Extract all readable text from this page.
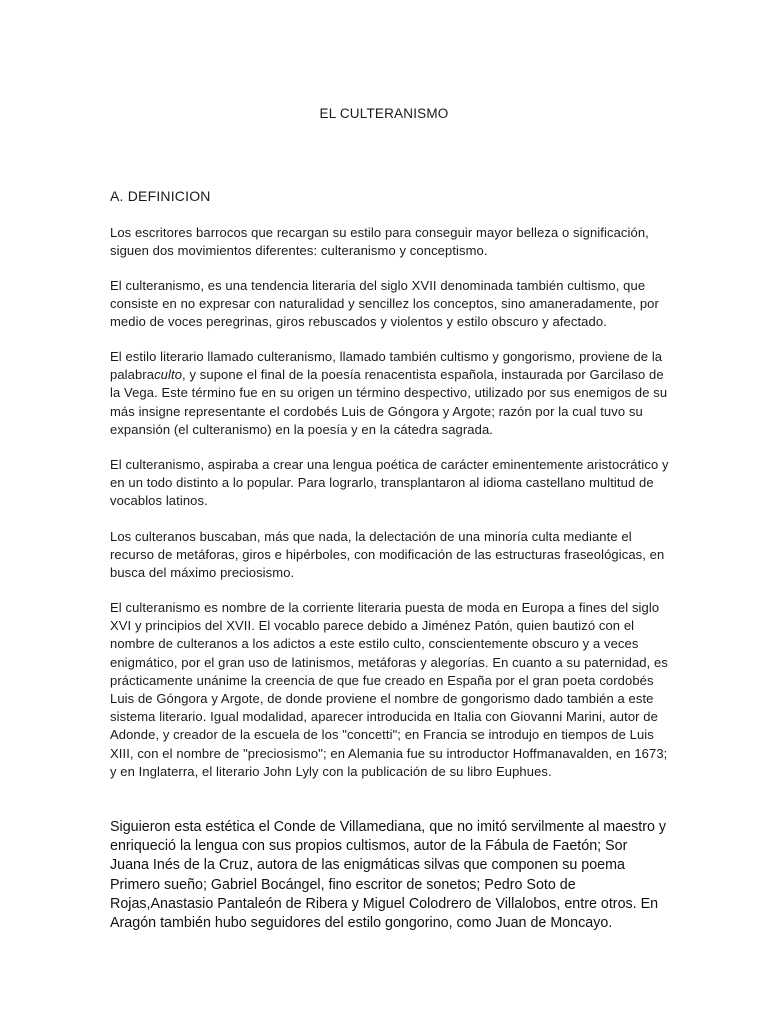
EL CULTERANISMO
A. DEFINICION
Los escritores barrocos que recargan su estilo para conseguir mayor belleza o significación, siguen dos movimientos diferentes: culteranismo y conceptismo.
El culteranismo, es una tendencia literaria del siglo XVII denominada también cultismo, que consiste en no expresar con naturalidad y sencillez los conceptos, sino amaneradamente, por medio de voces peregrinas, giros rebuscados y violentos y estilo obscuro y afectado.
El estilo literario llamado culteranismo, llamado también cultismo y gongorismo, proviene de la palabraculto, y supone el final de la poesía renacentista española, instaurada por Garcilaso de la Vega. Este término fue en su origen un término despectivo, utilizado por sus enemigos de su más insigne representante el cordobés Luis de Góngora y Argote; razón por la cual tuvo su expansión (el culteranismo) en la poesía y en la cátedra sagrada.
El culteranismo, aspiraba a crear una lengua poética de carácter eminentemente aristocrático y en un todo distinto a lo popular. Para lograrlo, transplantaron al idioma castellano multitud de vocablos latinos.
Los culteranos buscaban, más que nada, la delectación de una minoría culta mediante el recurso de metáforas, giros e hipérboles, con modificación de las estructuras fraseológicas, en busca del máximo preciosismo.
El culteranismo es nombre de la corriente literaria puesta de moda en Europa a fines del siglo XVI y principios del XVII. El vocablo parece debido a Jiménez Patón, quien bautizó con el nombre de culteranos a los adictos a este estilo culto, conscientemente obscuro y a veces enigmático, por el gran uso de latinismos, metáforas y alegorías. En cuanto a su paternidad, es prácticamente unánime la creencia de que fue creado en España por el gran poeta cordobés Luis de Góngora y Argote, de donde proviene el nombre de gongorismo dado también a este sistema literario. Igual modalidad, aparecer introducida en Italia con Giovanni Marini, autor de Adonde, y creador de la escuela de los "concetti"; en Francia se introdujo en tiempos de Luis XIII, con el nombre de "preciosismo"; en Alemania fue su introductor Hoffmanavalden, en 1673; y en Inglaterra, el literario John Lyly con la publicación de su libro Euphues.
Siguieron esta estética el Conde de Villamediana, que no imitó servilmente al maestro y enriqueció la lengua con sus propios cultismos, autor de la Fábula de Faetón; Sor Juana Inés de la Cruz, autora de las enigmáticas silvas que componen su poema Primero sueño; Gabriel Bocángel, fino escritor de sonetos; Pedro Soto de Rojas,Anastasio Pantaleón de Ribera y Miguel Colodrero de Villalobos, entre otros. En Aragón también hubo seguidores del estilo gongorino, como Juan de Moncayo.
